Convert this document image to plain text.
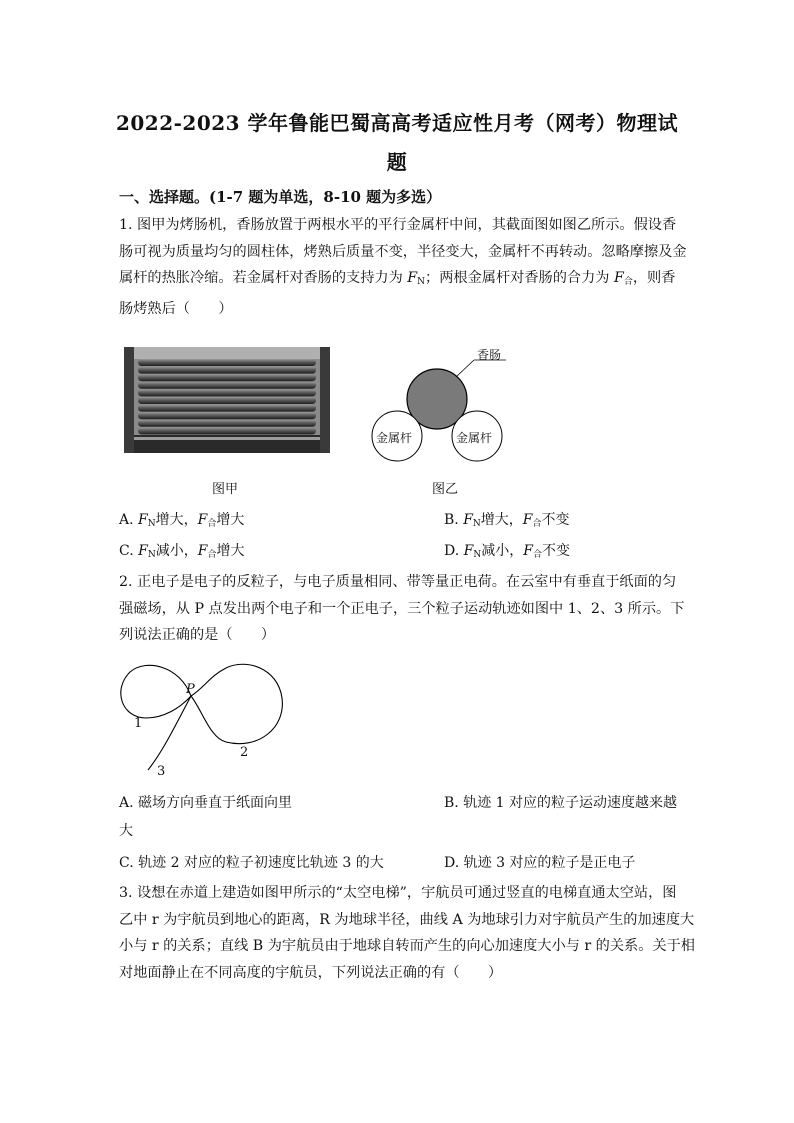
2022-2023 学年鲁能巴蜀高高考适应性月考（网考）物理试
题
一、选择题。(1-7 题为单选，8-10 题为多选）
1. 图甲为烤肠机，香肠放置于两根水平的平行金属杆中间，其截面图如图乙所示。假设香
肠可视为质量均匀的圆柱体，烤熟后质量不变，半径变大，金属杆不再转动。忽略摩擦及金
属杆的热胀冷缩。若金属杆对香肠的支持力为 $F_N$；两根金属杆对香肠的合力为 $F_合$，则香
肠烤熟后（　　）
图甲
香肠
金属杆	金属杆
图乙
A. $F_N$增大，$F_合$增大	B. $F_N$增大，$F_合$不变
C. $F_N$减小，$F_合$增大	D. $F_N$减小，$F_合$不变
2. 正电子是电子的反粒子，与电子质量相同、带等量正电荷。在云室中有垂直于纸面的匀
强磁场，从 P 点发出两个电子和一个正电子，三个粒子运动轨迹如图中 1、2、3 所示。下
列说法正确的是（　　）
P
1
2
3
A. 磁场方向垂直于纸面向里	B. 轨迹 1 对应的粒子运动速度越来越
大
C. 轨迹 2 对应的粒子初速度比轨迹 3 的大	D. 轨迹 3 对应的粒子是正电子
3. 设想在赤道上建造如图甲所示的“太空电梯”，宇航员可通过竖直的电梯直通太空站，图
乙中 r 为宇航员到地心的距离，R 为地球半径，曲线 A 为地球引力对宇航员产生的加速度大
小与 r 的关系；直线 B 为宇航员由于地球自转而产生的向心加速度大小与 r 的关系。关于相
对地面静止在不同高度的宇航员，下列说法正确的有（　　）
